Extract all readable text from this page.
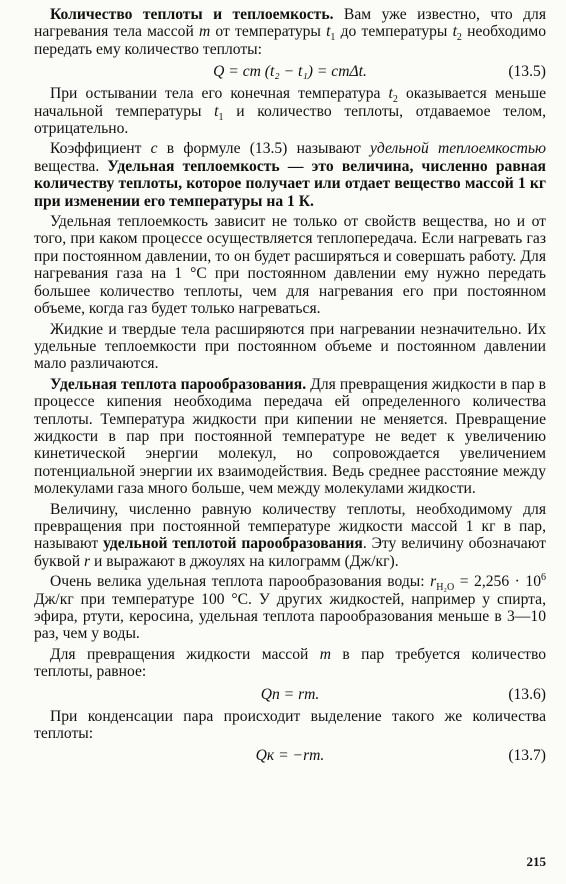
Количество теплоты и теплоемкость. Вам уже известно, что для нагревания тела массой m от температуры $t_1$ до температуры $t_2$ необходимо передать ему количество теплоты:

Q = cm (t₂ − t₁) = cmΔt.	(13.5)

При остывании тела его конечная температура $t_2$ оказывается меньше начальной температуры $t_1$ и количество теплоты, отдаваемое телом, отрицательно.

Коэффициент c в формуле (13.5) называют удельной теплоемкостью вещества. Удельная теплоемкость — это величина, численно равная количеству теплоты, которое получает или отдает вещество массой 1 кг при изменении его температуры на 1 К.

Удельная теплоемкость зависит не только от свойств вещества, но и от того, при каком процессе осуществляется теплопередача. Если нагревать газ при постоянном давлении, то он будет расширяться и совершать работу. Для нагревания газа на 1 °С при постоянном давлении ему нужно передать большее количество теплоты, чем для нагревания его при постоянном объеме, когда газ будет только нагреваться.

Жидкие и твердые тела расширяются при нагревании незначительно. Их удельные теплоемкости при постоянном объеме и постоянном давлении мало различаются.

Удельная теплота парообразования. Для превращения жидкости в пар в процессе кипения необходима передача ей определенного количества теплоты. Температура жидкости при кипении не меняется. Превращение жидкости в пар при постоянной температуре не ведет к увеличению кинетической энергии молекул, но сопровождается увеличением потенциальной энергии их взаимодействия. Ведь среднее расстояние между молекулами газа много больше, чем между молекулами жидкости.

Величину, численно равную количеству теплоты, необходимому для превращения при постоянной температуре жидкости массой 1 кг в пар, называют удельной теплотой парообразования. Эту величину обозначают буквой r и выражают в джоулях на килограмм (Дж/кг).

Очень велика удельная теплота парообразования воды: $r_{H_2O} = 2,256 \cdot 10^6$ Дж/кг при температуре 100 °С. У других жидкостей, например у спирта, эфира, ртути, керосина, удельная теплота парообразования меньше в 3—10 раз, чем у воды.

Для превращения жидкости массой m в пар требуется количество теплоты, равное:

Qп = rm.	(13.6)

При конденсации пара происходит выделение такого же количества теплоты:

Qк = −rm.	(13.7)
215
